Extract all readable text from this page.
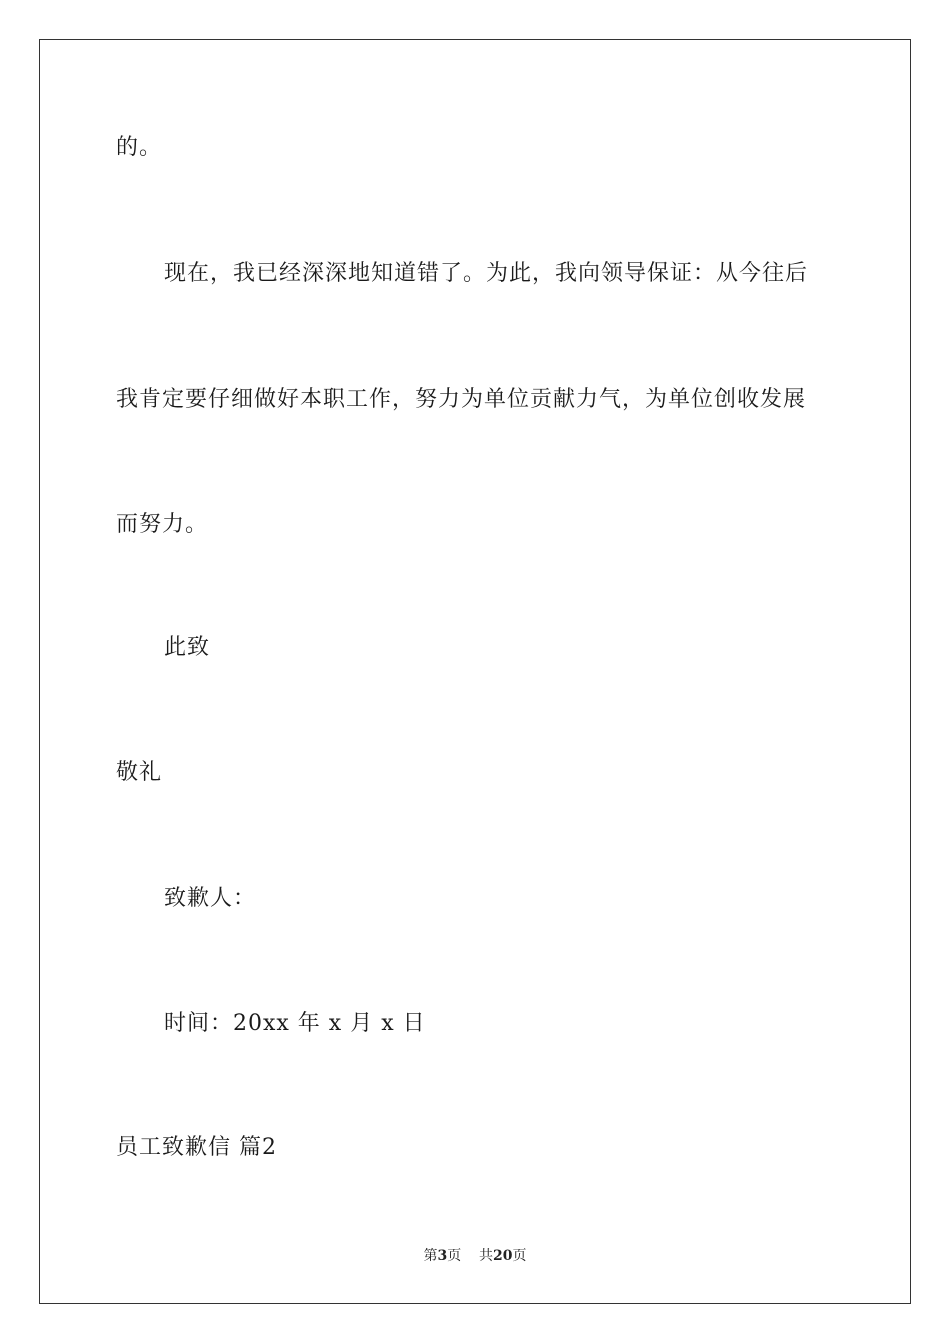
的。
现在，我已经深深地知道错了。为此，我向领导保证：从今往后
我肯定要仔细做好本职工作，努力为单位贡献力气，为单位创收发展
而努力。
此致
敬礼
致歉人：
时间：20xx 年 x 月 x 日
员工致歉信 篇2
第3页 共20页
